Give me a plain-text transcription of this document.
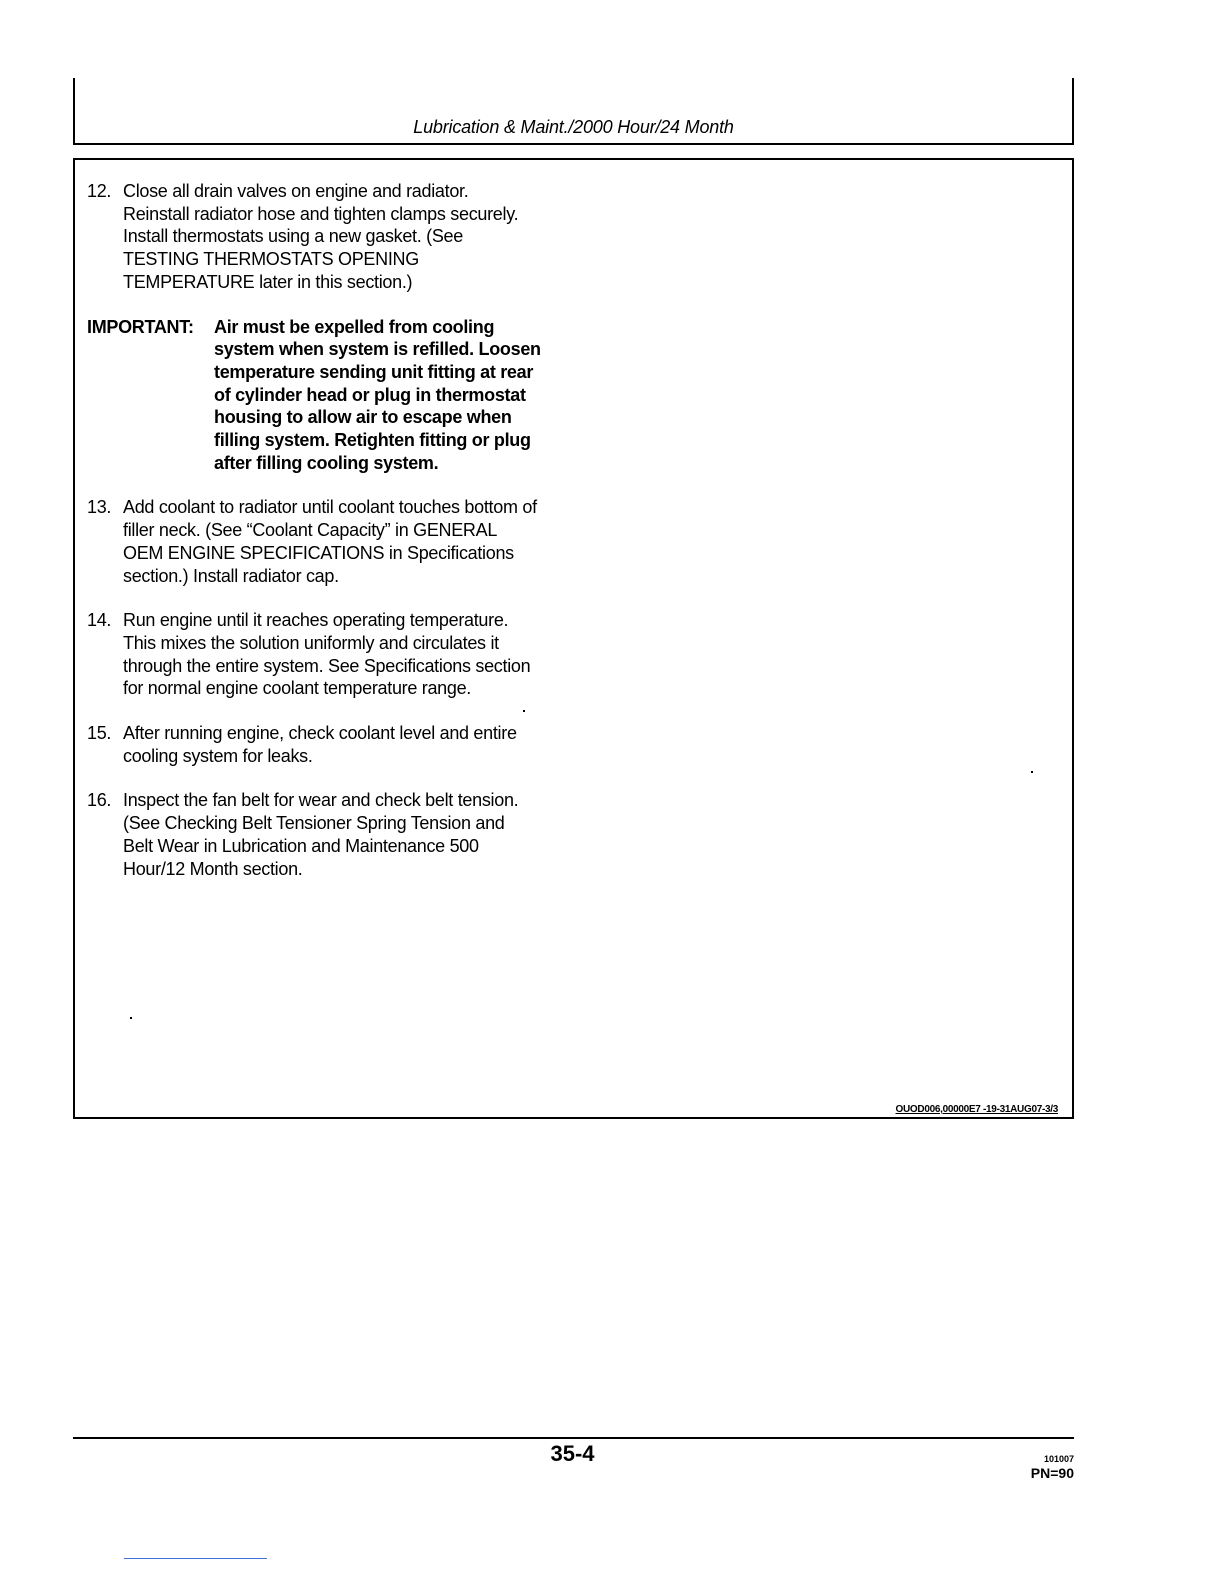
Lubrication & Maint./2000 Hour/24 Month
12. Close all drain valves on engine and radiator.
Reinstall radiator hose and tighten clamps securely.
Install thermostats using a new gasket. (See
TESTING THERMOSTATS OPENING
TEMPERATURE later in this section.)
IMPORTANT:	Air must be expelled from cooling
system when system is refilled. Loosen
temperature sending unit fitting at rear
of cylinder head or plug in thermostat
housing to allow air to escape when
filling system. Retighten fitting or plug
after filling cooling system.
13. Add coolant to radiator until coolant touches bottom of
filler neck. (See “Coolant Capacity” in GENERAL
OEM ENGINE SPECIFICATIONS in Specifications
section.) Install radiator cap.
14. Run engine until it reaches operating temperature.
This mixes the solution uniformly and circulates it
through the entire system. See Specifications section
for normal engine coolant temperature range.
15. After running engine, check coolant level and entire
cooling system for leaks.
16. Inspect the fan belt for wear and check belt tension.
(See Checking Belt Tensioner Spring Tension and
Belt Wear in Lubrication and Maintenance 500
Hour/12 Month section.
OUOD006,00000E7 -19-31AUG07-3/3
35-4	101007
PN=90
